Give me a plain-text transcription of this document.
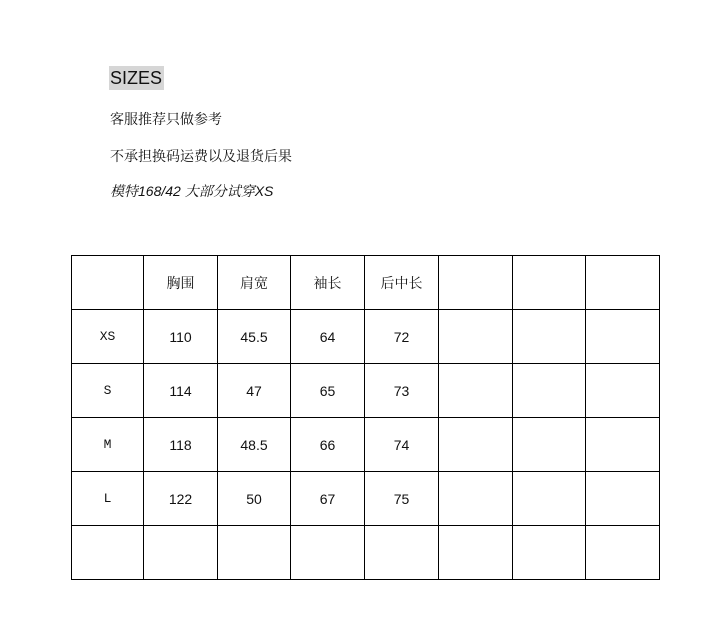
SIZES
客服推荐只做参考
不承担换码运费以及退货后果
模特168/42 大部分试穿XS
	胸围	肩宽	袖长	后中长			
XS	110	45.5	64	72			
S	114	47	65	73			
M	118	48.5	66	74			
L	122	50	67	75			
